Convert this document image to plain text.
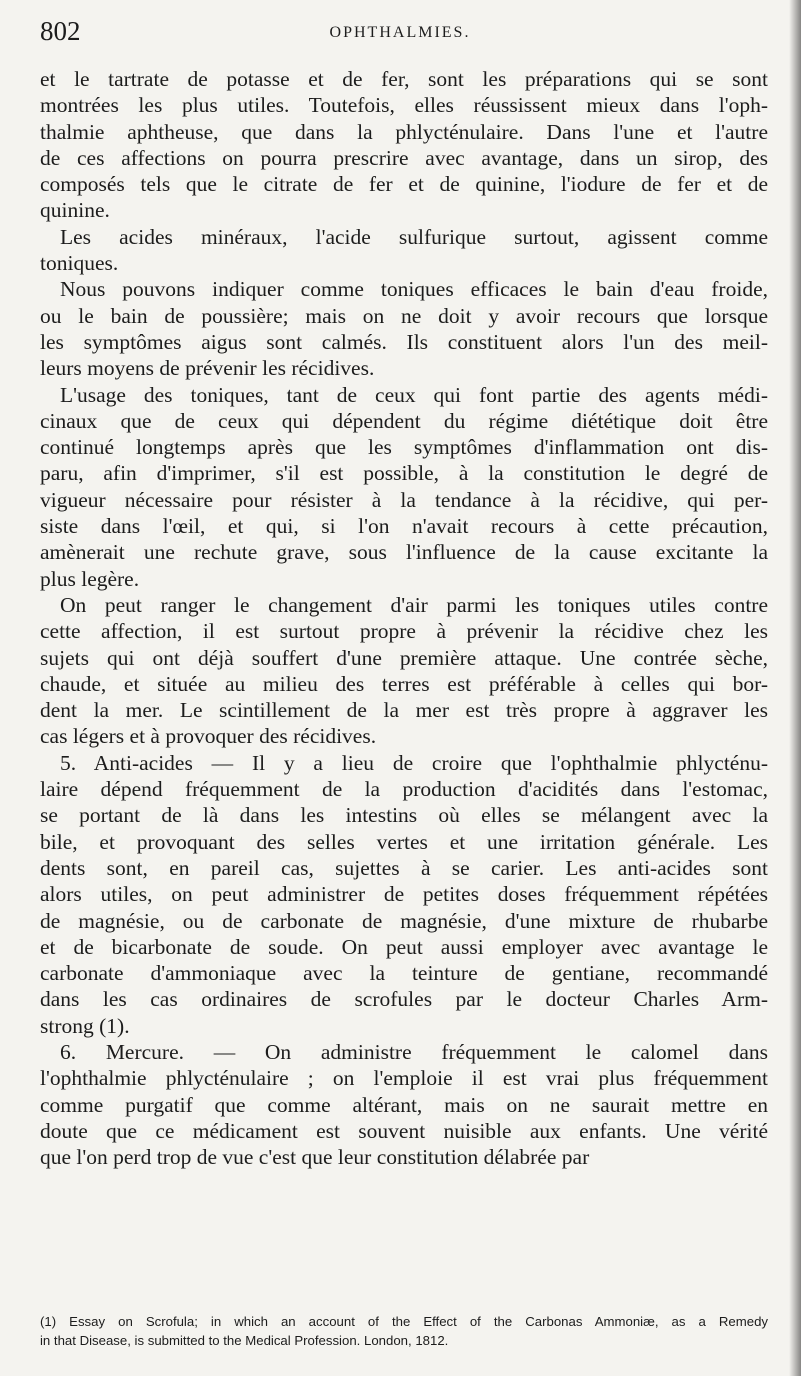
802	OPHTHALMIES.
et le tartrate de potasse et de fer, sont les préparations qui se sont
montrées les plus utiles. Toutefois, elles réussissent mieux dans l'oph-
thalmie aphtheuse, que dans la phlycténulaire. Dans l'une et l'autre
de ces affections on pourra prescrire avec avantage, dans un sirop, des
composés tels que le citrate de fer et de quinine, l'iodure de fer et de
quinine.
Les acides minéraux, l'acide sulfurique surtout, agissent comme
toniques.
Nous pouvons indiquer comme toniques efficaces le bain d'eau froide,
ou le bain de poussière; mais on ne doit y avoir recours que lorsque
les symptômes aigus sont calmés. Ils constituent alors l'un des meil-
leurs moyens de prévenir les récidives.
L'usage des toniques, tant de ceux qui font partie des agents médi-
cinaux que de ceux qui dépendent du régime diététique doit être
continué longtemps après que les symptômes d'inflammation ont dis-
paru, afin d'imprimer, s'il est possible, à la constitution le degré de
vigueur nécessaire pour résister à la tendance à la récidive, qui per-
siste dans l'œil, et qui, si l'on n'avait recours à cette précaution,
amènerait une rechute grave, sous l'influence de la cause excitante la
plus legère.
On peut ranger le changement d'air parmi les toniques utiles contre
cette affection, il est surtout propre à prévenir la récidive chez les
sujets qui ont déjà souffert d'une première attaque. Une contrée sèche,
chaude, et située au milieu des terres est préférable à celles qui bor-
dent la mer. Le scintillement de la mer est très propre à aggraver les
cas légers et à provoquer des récidives.
5. Anti-acides — Il y a lieu de croire que l'ophthalmie phlycténu-
laire dépend fréquemment de la production d'acidités dans l'estomac,
se portant de là dans les intestins où elles se mélangent avec la
bile, et provoquant des selles vertes et une irritation générale. Les
dents sont, en pareil cas, sujettes à se carier. Les anti-acides sont
alors utiles, on peut administrer de petites doses fréquemment répétées
de magnésie, ou de carbonate de magnésie, d'une mixture de rhubarbe
et de bicarbonate de soude. On peut aussi employer avec avantage le
carbonate d'ammoniaque avec la teinture de gentiane, recommandé
dans les cas ordinaires de scrofules par le docteur Charles Arm-
strong (1).
6. Mercure. — On administre fréquemment le calomel dans
l'ophthalmie phlycténulaire ; on l'emploie il est vrai plus fréquemment
comme purgatif que comme altérant, mais on ne saurait mettre en
doute que ce médicament est souvent nuisible aux enfants. Une vérité
que l'on perd trop de vue c'est que leur constitution délabrée par
(1) Essay on Scrofula; in which an account of the Effect of the Carbonas Ammoniæ, as a Remedy
in that Disease, is submitted to the Medical Profession. London, 1812.
